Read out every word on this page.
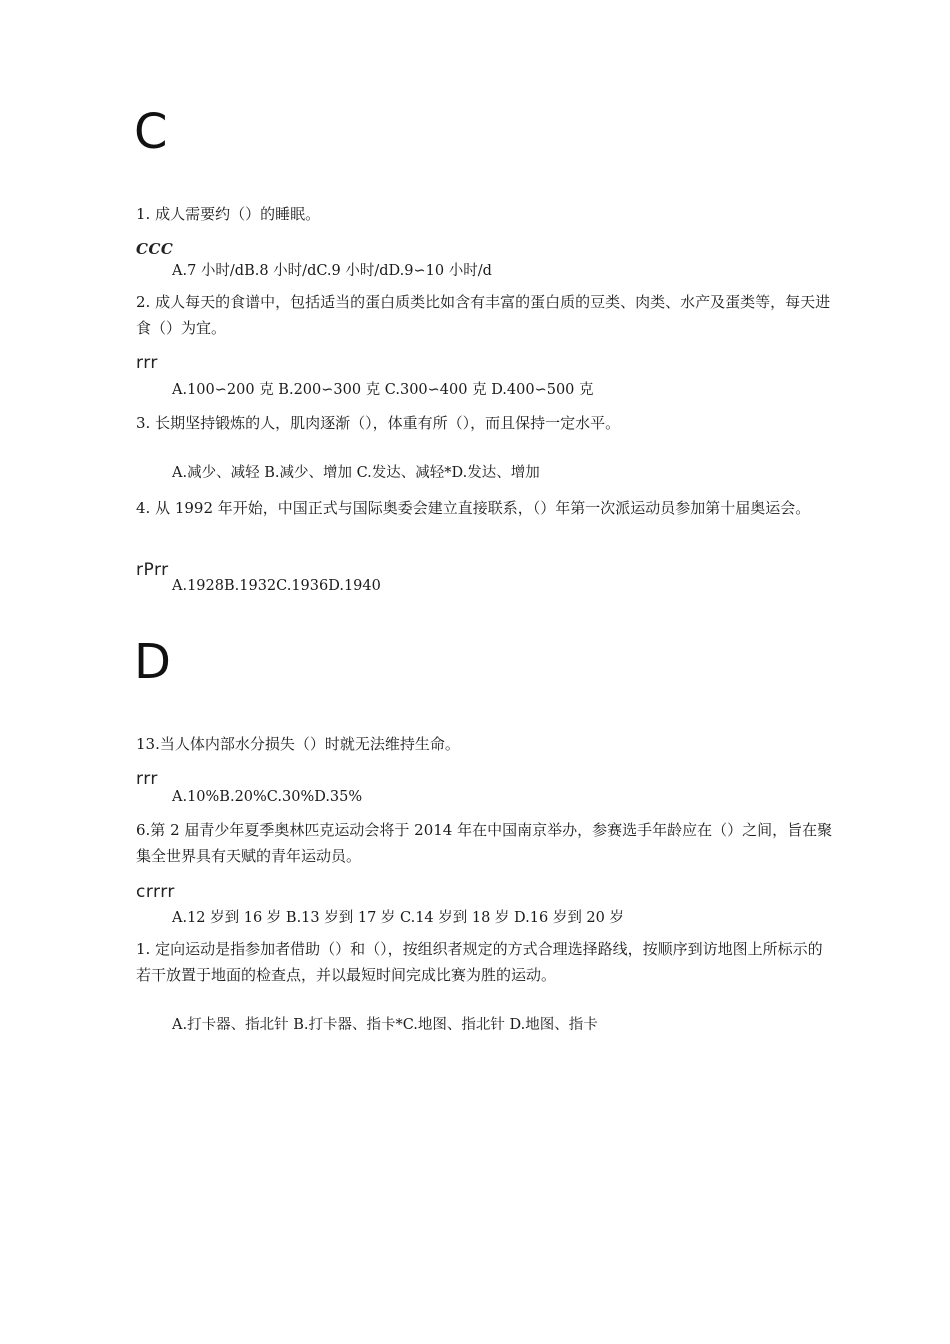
C
1. 成人需要约（）的睡眠。
CCC
A.7 小时/dB.8 小时/dC.9 小时/dD.9∽10 小时/d
2. 成人每天的食谱中，包括适当的蛋白质类比如含有丰富的蛋白质的豆类、肉类、水产及蛋类等，每天进食（）为宜。
rrr
A.100∽200 克 B.200∽300 克 C.300∽400 克 D.400∽500 克
3. 长期坚持锻炼的人，肌肉逐渐（），体重有所（），而且保持一定水平。
A.减少、减轻 B.减少、增加 C.发达、减轻*D.发达、增加
4. 从 1992 年开始，中国正式与国际奥委会建立直接联系，（）年第一次派运动员参加第十届奥运会。
rPrr
A.1928B.1932C.1936D.1940
D
13.当人体内部水分损失（）时就无法维持生命。
rrr
A.10%B.20%C.30%D.35%
6.第 2 届青少年夏季奥林匹克运动会将于 2014 年在中国南京举办，参赛选手年龄应在（）之间，旨在聚集全世界具有天赋的青年运动员。
crrrr
A.12 岁到 16 岁 B.13 岁到 17 岁 C.14 岁到 18 岁 D.16 岁到 20 岁
1. 定向运动是指参加者借助（）和（），按组织者规定的方式合理选择路线，按顺序到访地图上所标示的若干放置于地面的检查点，并以最短时间完成比赛为胜的运动。
A.打卡器、指北针 B.打卡器、指卡*C.地图、指北针 D.地图、指卡
